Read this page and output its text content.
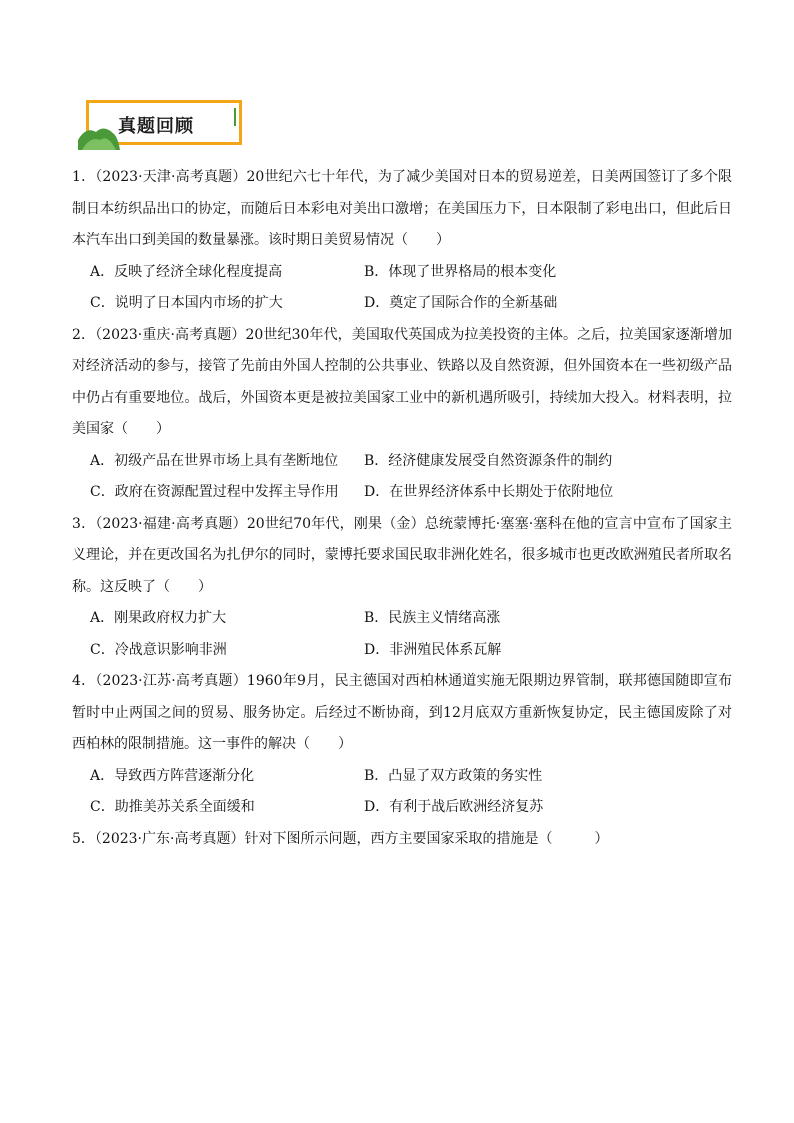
真题回顾

1．（2023·天津·高考真题）20世纪六七十年代，为了减少美国对日本的贸易逆差，日美两国签订了多个限制日本纺织品出口的协定，而随后日本彩电对美出口激增；在美国压力下，日本限制了彩电出口，但此后日本汽车出口到美国的数量暴涨。该时期日美贸易情况（　　）

A．反映了经济全球化程度提高	B．体现了世界格局的根本变化
C．说明了日本国内市场的扩大	D．奠定了国际合作的全新基础

2．（2023·重庆·高考真题）20世纪30年代，美国取代英国成为拉美投资的主体。之后，拉美国家逐渐增加对经济活动的参与，接管了先前由外国人控制的公共事业、铁路以及自然资源，但外国资本在一些初级产品中仍占有重要地位。战后，外国资本更是被拉美国家工业中的新机遇所吸引，持续加大投入。材料表明，拉美国家（　　）

A．初级产品在世界市场上具有垄断地位	B．经济健康发展受自然资源条件的制约
C．政府在资源配置过程中发挥主导作用	D．在世界经济体系中长期处于依附地位

3．（2023·福建·高考真题）20世纪70年代，刚果（金）总统蒙博托·塞塞·塞科在他的宣言中宣布了国家主义理论，并在更改国名为扎伊尔的同时，蒙博托要求国民取非洲化姓名，很多城市也更改欧洲殖民者所取名称。这反映了（　　）

A．刚果政府权力扩大	B．民族主义情绪高涨
C．冷战意识影响非洲	D．非洲殖民体系瓦解

4．（2023·江苏·高考真题）1960年9月，民主德国对西柏林通道实施无限期边界管制，联邦德国随即宣布暂时中止两国之间的贸易、服务协定。后经过不断协商，到12月底双方重新恢复协定，民主德国废除了对西柏林的限制措施。这一事件的解决（　　）

A．导致西方阵营逐渐分化	B．凸显了双方政策的务实性
C．助推美苏关系全面缓和	D．有利于战后欧洲经济复苏

5．（2023·广东·高考真题）针对下图所示问题，西方主要国家采取的措施是（　　　）
